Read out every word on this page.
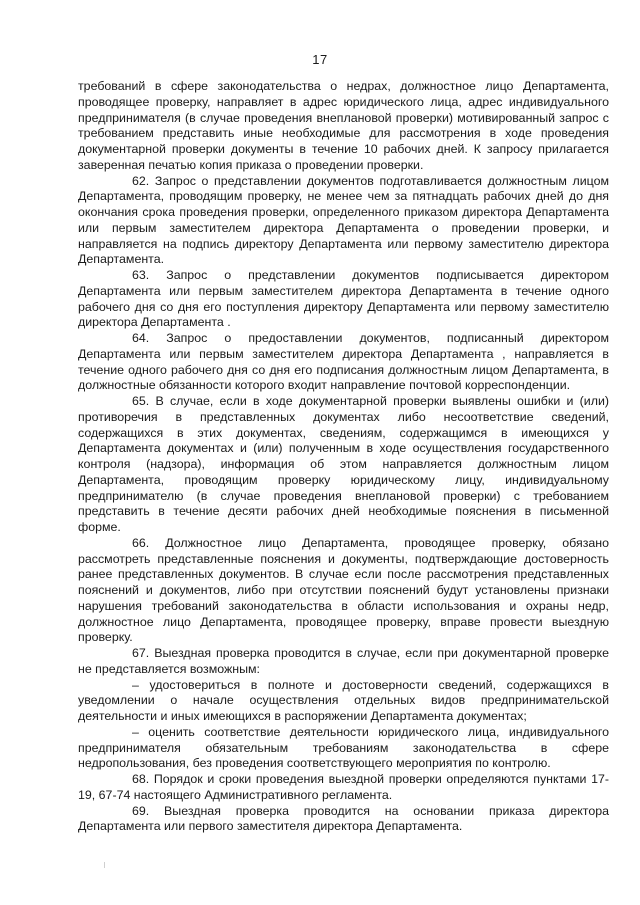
17

требований в сфере законодательства о недрах, должностное лицо Департамента, проводящее проверку, направляет в адрес юридического лица, адрес индивидуального предпринимателя (в случае проведения внеплановой проверки) мотивированный запрос с требованием представить иные необходимые для рассмотрения в ходе проведения документарной проверки документы в течение 10 рабочих дней. К запросу прилагается заверенная печатью копия приказа о проведении проверки.

62. Запрос о представлении документов подготавливается должностным лицом Департамента, проводящим проверку, не менее чем за пятнадцать рабочих дней до дня окончания срока проведения проверки, определенного приказом директора Департамента или первым заместителем директора Департамента о проведении проверки, и направляется на подпись директору Департамента или первому заместителю директора Департамента.

63. Запрос о представлении документов подписывается директором Департамента или первым заместителем директора Департамента в течение одного рабочего дня со дня его поступления директору Департамента или первому заместителю директора Департамента .

64. Запрос о предоставлении документов, подписанный директором Департамента или первым заместителем директора Департамента , направляется в течение одного рабочего дня со дня его подписания должностным лицом Департамента, в должностные обязанности которого входит направление почтовой корреспонденции.

65. В случае, если в ходе документарной проверки выявлены ошибки и (или) противоречия в представленных документах либо несоответствие сведений, содержащихся в этих документах, сведениям, содержащимся в имеющихся у Департамента документах и (или) полученным в ходе осуществления государственного контроля (надзора), информация об этом направляется должностным лицом Департамента, проводящим проверку юридическому лицу, индивидуальному предпринимателю (в случае проведения внеплановой проверки) с требованием представить в течение десяти рабочих дней необходимые пояснения в письменной форме.

66. Должностное лицо Департамента, проводящее проверку, обязано рассмотреть представленные пояснения и документы, подтверждающие достоверность ранее представленных документов. В случае если после рассмотрения представленных пояснений и документов, либо при отсутствии пояснений будут установлены признаки нарушения требований законодательства в области использования и охраны недр, должностное лицо Департамента, проводящее проверку, вправе провести выездную проверку.

67. Выездная проверка проводится в случае, если при документарной проверке не представляется возможным:

– удостовериться в полноте и достоверности сведений, содержащихся в уведомлении о начале осуществления отдельных видов предпринимательской деятельности и иных имеющихся в распоряжении Департамента документах;

– оценить соответствие деятельности юридического лица, индивидуального предпринимателя обязательным требованиям законодательства в сфере недропользования, без проведения соответствующего мероприятия по контролю.

68. Порядок и сроки проведения выездной проверки определяются пунктами 17-19, 67-74 настоящего Административного регламента.

69. Выездная проверка проводится на основании приказа директора Департамента или первого заместителя директора Департамента.
